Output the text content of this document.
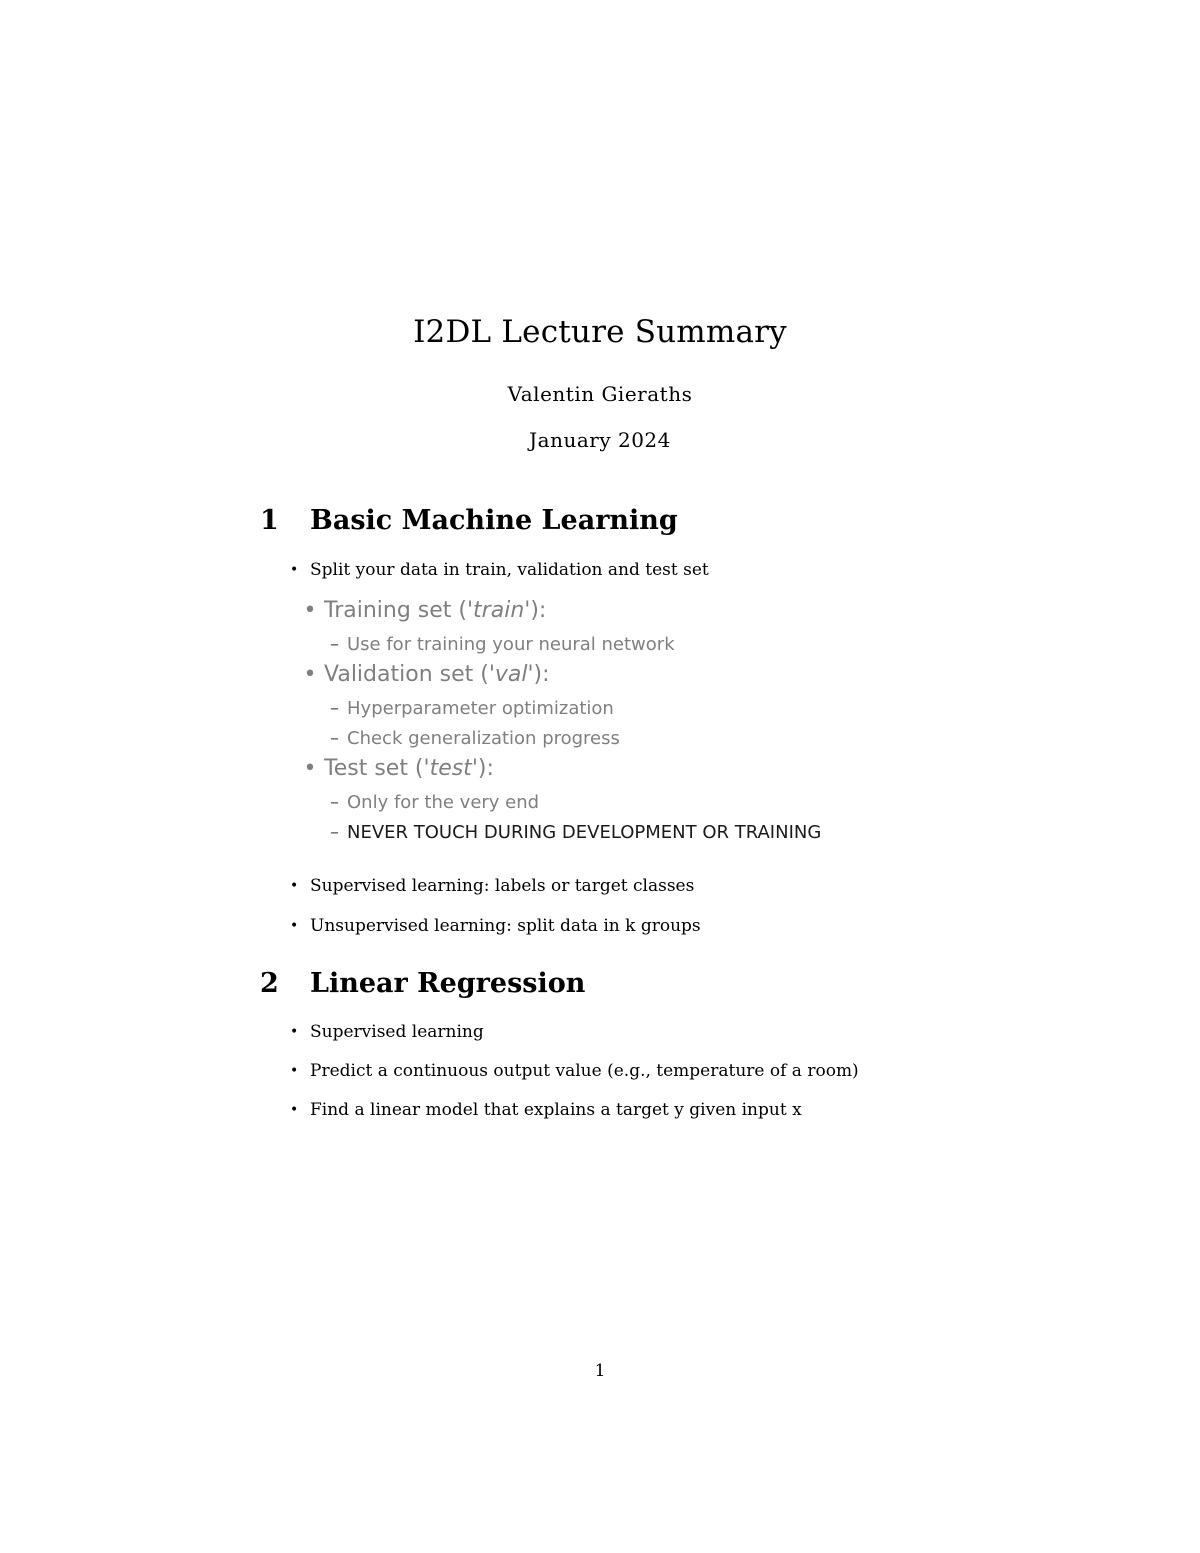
I2DL Lecture Summary
Valentin Gieraths
January 2024
1 Basic Machine Learning
• Split your data in train, validation and test set
• Training set ('train'):
– Use for training your neural network
• Validation set ('val'):
– Hyperparameter optimization
– Check generalization progress
• Test set ('test'):
– Only for the very end
– NEVER TOUCH DURING DEVELOPMENT OR TRAINING
• Supervised learning: labels or target classes
• Unsupervised learning: split data in k groups
2 Linear Regression
• Supervised learning
• Predict a continuous output value (e.g., temperature of a room)
• Find a linear model that explains a target y given input x
1
